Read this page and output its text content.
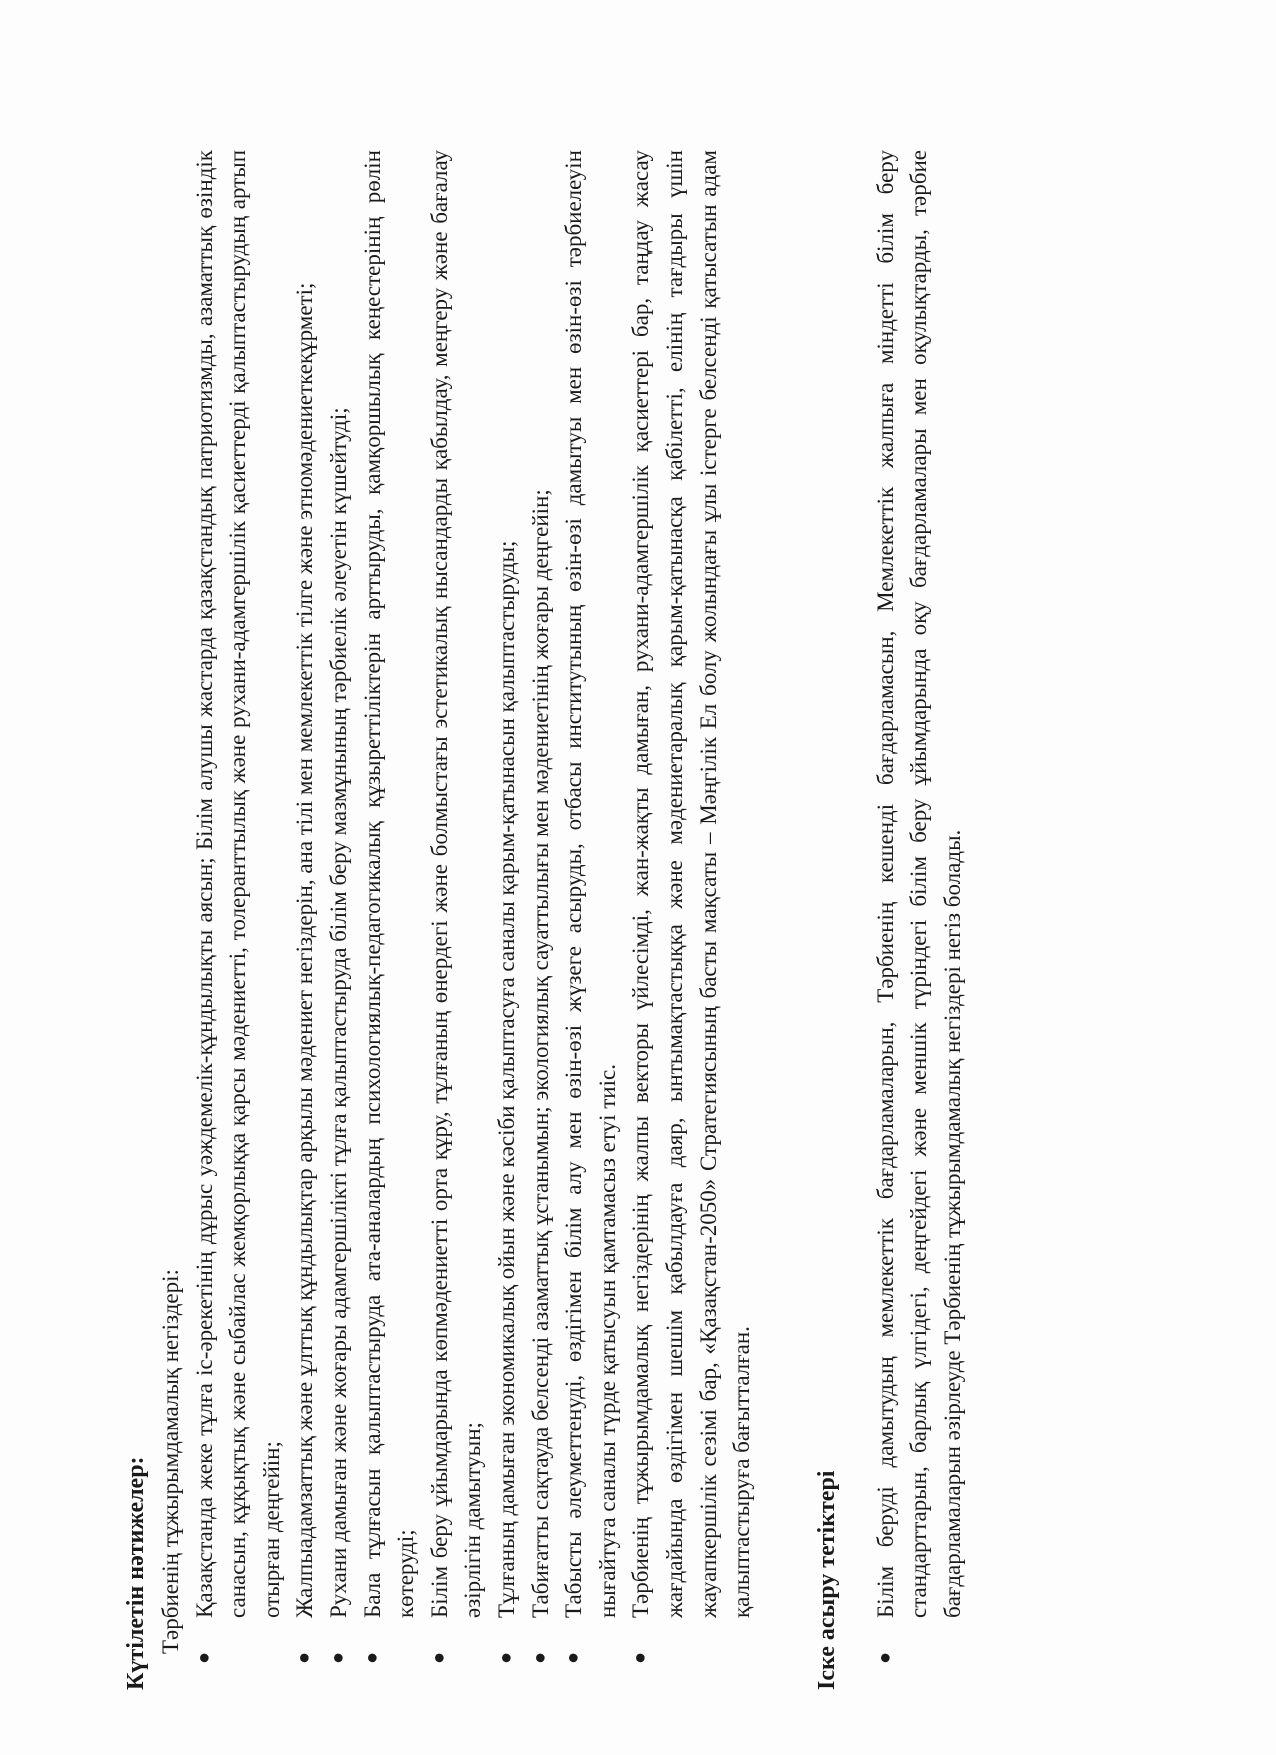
Күтілетін нәтижелер: Тәрбиенің тұжырымдамалық негіздері:

●
Қазақстанда жеке тұлға іс-әрекетінің дұрыс уәждемелік-құндылықты аясын; Білім алушы жастарда қазақстандық патриотизмды, азаматтық өзіндік санасын, құқықтық және сыбайлас жемқорлыққа қарсы мәдениетті, толеранттылық және рухани-адамгершілік қасиеттерді қалыптастырудың артып отырған деңгейін;
●
Жалпыадамзаттық және ұлттық құндылықтар арқылы мәдениет негіздерін, ана тілі мен мемлекеттік тілге және этномәдениеткеқұрметі;
●
Рухани дамыған және жоғары адамгершілікті тұлға қалыптастыруда білім беру мазмұнының тәрбиелік әлеуетін күшейтуді;
●
Бала тұлғасын қалыптастыруда ата-аналардың психологиялық-педагогикалық құзыреттіліктерін арттыруды, қамқоршылық кеңестерінің рөлін көтеруді;
●
Білім беру ұйымдарында көпмәдениетті орта құру, тұлғаның өнердегі және болмыстағы эстетикалық нысандарды қабылдау, меңгеру және бағалау әзірлігін дамытуын;
●
Тұлғаның дамыған экономикалық ойын және кәсіби қалыптасуға саналы қарым-қатынасын қалыптастыруды;
●
Табиғатты сақтауда белсенді азаматтық ұстанымын; экологиялық сауаттылығы мен мәдениетінің жоғары деңгейін;
●
Табысты әлеуметтенуді, өздігімен білім алу мен өзін-өзі жүзеге асыруды, отбасы институтының өзін-өзі дамытуы мен өзін-өзі тәрбиелеуін нығайтуға саналы түрде қатысуын қамтамасыз етуі тиіс.
●
Тәрбиенің тұжырымдамалық негіздерінің жалпы векторы үйлесімді, жан-жақты дамыған, рухани-адамгершілік қасиеттері бар, таңдау жасау жағдайында өздігімен шешім қабылдауға даяр, ынтымақтастыққа және мәдениетаралық қарым-қатынасқа қабілетті, елінің тағдыры үшін жауапкершілік сезімі бар, «Қазақстан-2050» Стратегиясының басты мақсаты – Мәңгілік Ел болу жолындағы ұлы істерге белсенді қатысатын адам қалыптастыруға бағытталған. Іске асыру тетіктері ●
Білім беруді дамытудың мемлекеттік бағдарламаларын, Тәрбиенің кешенді бағдарламасын, Мемлекеттік жалпыға міндетті білім беру стандарттарын, барлық үлгідегі, деңгейдегі және меншік түріндегі білім беру ұйымдарында оқу бағдарламалары мен оқулықтарды, тәрбие бағдарламаларын әзірлеуде Тәрбиенің тұжырымдамалық негіздері негіз болады.
